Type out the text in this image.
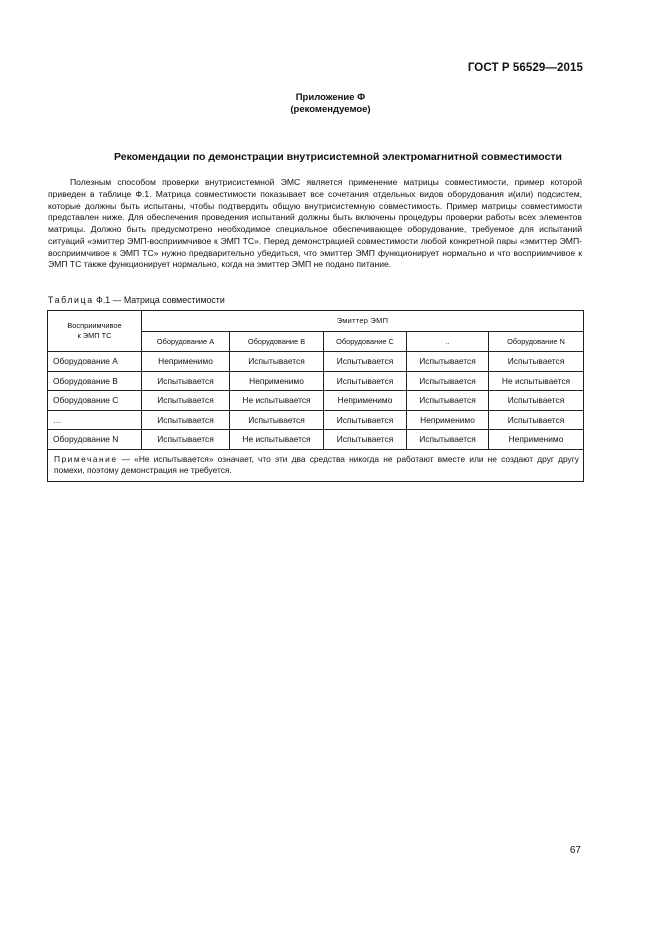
ГОСТ Р 56529—2015
Приложение Ф
(рекомендуемое)
Рекомендации по демонстрации внутрисистемной электромагнитной совместимости

Полезным способом проверки внутрисистемной ЭМС является применение матрицы совместимости, пример которой приведен в таблице Ф.1. Матрица совместимости показывает все сочетания отдельных видов оборудования и(или) подсистем, которые должны быть испытаны, чтобы подтвердить общую внутрисистемную совместимость. Пример матрицы совместимости представлен ниже. Для обеспечения проведения испытаний должны быть включены процедуры проверки работы всех элементов матрицы. Должно быть предусмотрено необходимое специальное обеспечивающее оборудование, требуемое для испытаний ситуаций «эмиттер ЭМП-восприимчивое к ЭМП ТС». Перед демонстрацией совместимости любой конкретной пары «эмиттер ЭМП-восприимчивое к ЭМП ТС» нужно предварительно убедиться, что эмиттер ЭМП функционирует нормально и что восприимчивое к ЭМП ТС также функционирует нормально, когда на эмиттер ЭМП не подано питание.

Таблица Ф.1 — Матрица совместимости
Восприимчивое
к ЭМП ТС	Эмиттер ЭМП				
	Оборудование A	Оборудование B	Оборудование C	..	Оборудование N
Оборудование A	Неприменимо	Испытывается	Испытывается	Испытывается	Испытывается
Оборудование B	Испытывается	Неприменимо	Испытывается	Испытывается	Не испытывается
Оборудование C	Испытывается	Не испытывается	Неприменимо	Испытывается	Испытывается
…	Испытывается	Испытывается	Испытывается	Неприменимо	Испытывается
Оборудование N	Испытывается	Не испытывается	Испытывается	Испытывается	Неприменимо
Примечание — «Не испытывается» означает, что эти два средства никогда не работают вместе или не создают друг другу помехи, поэтому демонстрация не требуется.					
67
